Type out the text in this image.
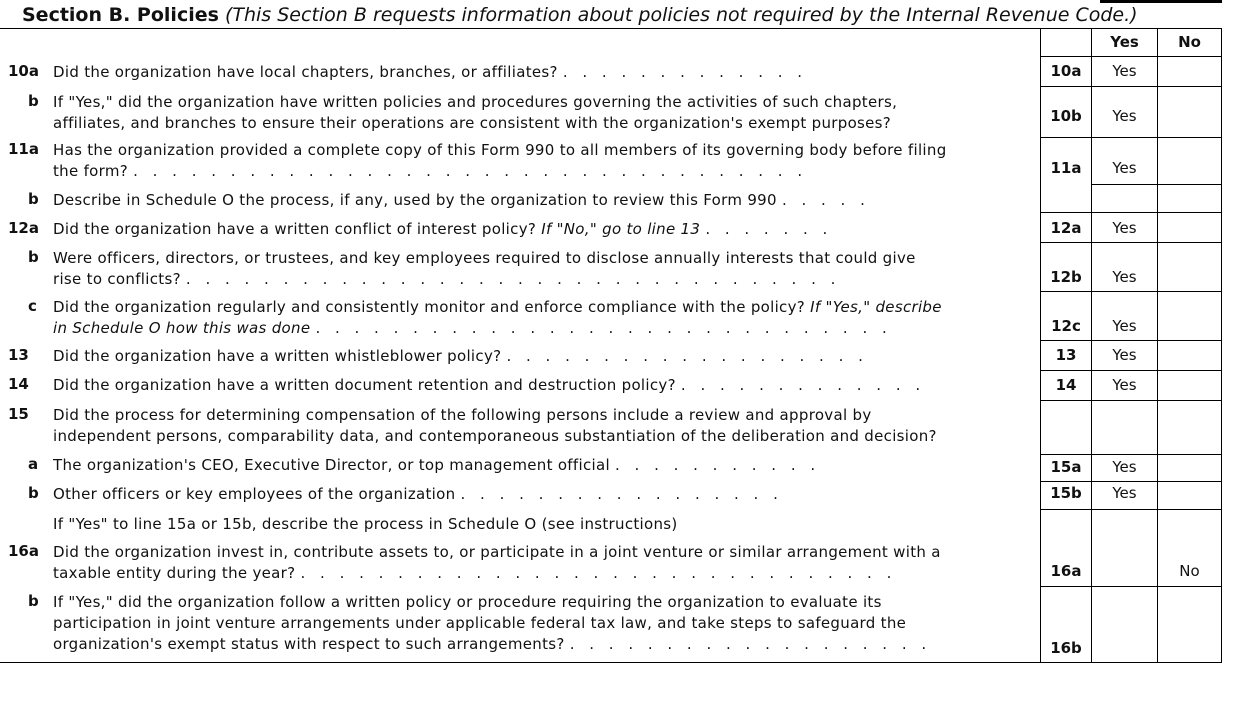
Section B. Policies (This Section B requests information about policies not required by the Internal Revenue Code.)
Yes	No
10a Did the organization have local chapters, branches, or affiliates? . . . . . . . . . . . . .	10a	Yes
b If "Yes," did the organization have written policies and procedures governing the activities of such chapters,
affiliates, and branches to ensure their operations are consistent with the organization's exempt purposes?	10b	Yes
11a Has the organization provided a complete copy of this Form 990 to all members of its governing body before filing
the form? . . . . . . . . . . . . . . . . . . . . . . . . . . . . . . . . . . .	11a	Yes
b Describe in Schedule O the process, if any, used by the organization to review this Form 990 . . . . .
12a Did the organization have a written conflict of interest policy? If "No," go to line 13 . . . . . . .	12a	Yes
b Were officers, directors, or trustees, and key employees required to disclose annually interests that could give
rise to conflicts? . . . . . . . . . . . . . . . . . . . . . . . . . . . . . . . . . .	12b	Yes
c Did the organization regularly and consistently monitor and enforce compliance with the policy? If "Yes," describe
in Schedule O how this was done . . . . . . . . . . . . . . . . . . . . . . . . . . . . . .	12c	Yes
13 Did the organization have a written whistleblower policy? . . . . . . . . . . . . . . . . . . .	13	Yes
14 Did the organization have a written document retention and destruction policy? . . . . . . . . . . . . .	14	Yes
15 Did the process for determining compensation of the following persons include a review and approval by
independent persons, comparability data, and contemporaneous substantiation of the deliberation and decision?
a The organization's CEO, Executive Director, or top management official . . . . . . . . . . .	15a	Yes
b Other officers or key employees of the organization . . . . . . . . . . . . . . . . .	15b	Yes
If "Yes" to line 15a or 15b, describe the process in Schedule O (see instructions)
16a Did the organization invest in, contribute assets to, or participate in a joint venture or similar arrangement with a
taxable entity during the year? . . . . . . . . . . . . . . . . . . . . . . . . . . . . . . .	16a	No
b If "Yes," did the organization follow a written policy or procedure requiring the organization to evaluate its
participation in joint venture arrangements under applicable federal tax law, and take steps to safeguard the
organization's exempt status with respect to such arrangements? . . . . . . . . . . . . . . . . . . .	16b
